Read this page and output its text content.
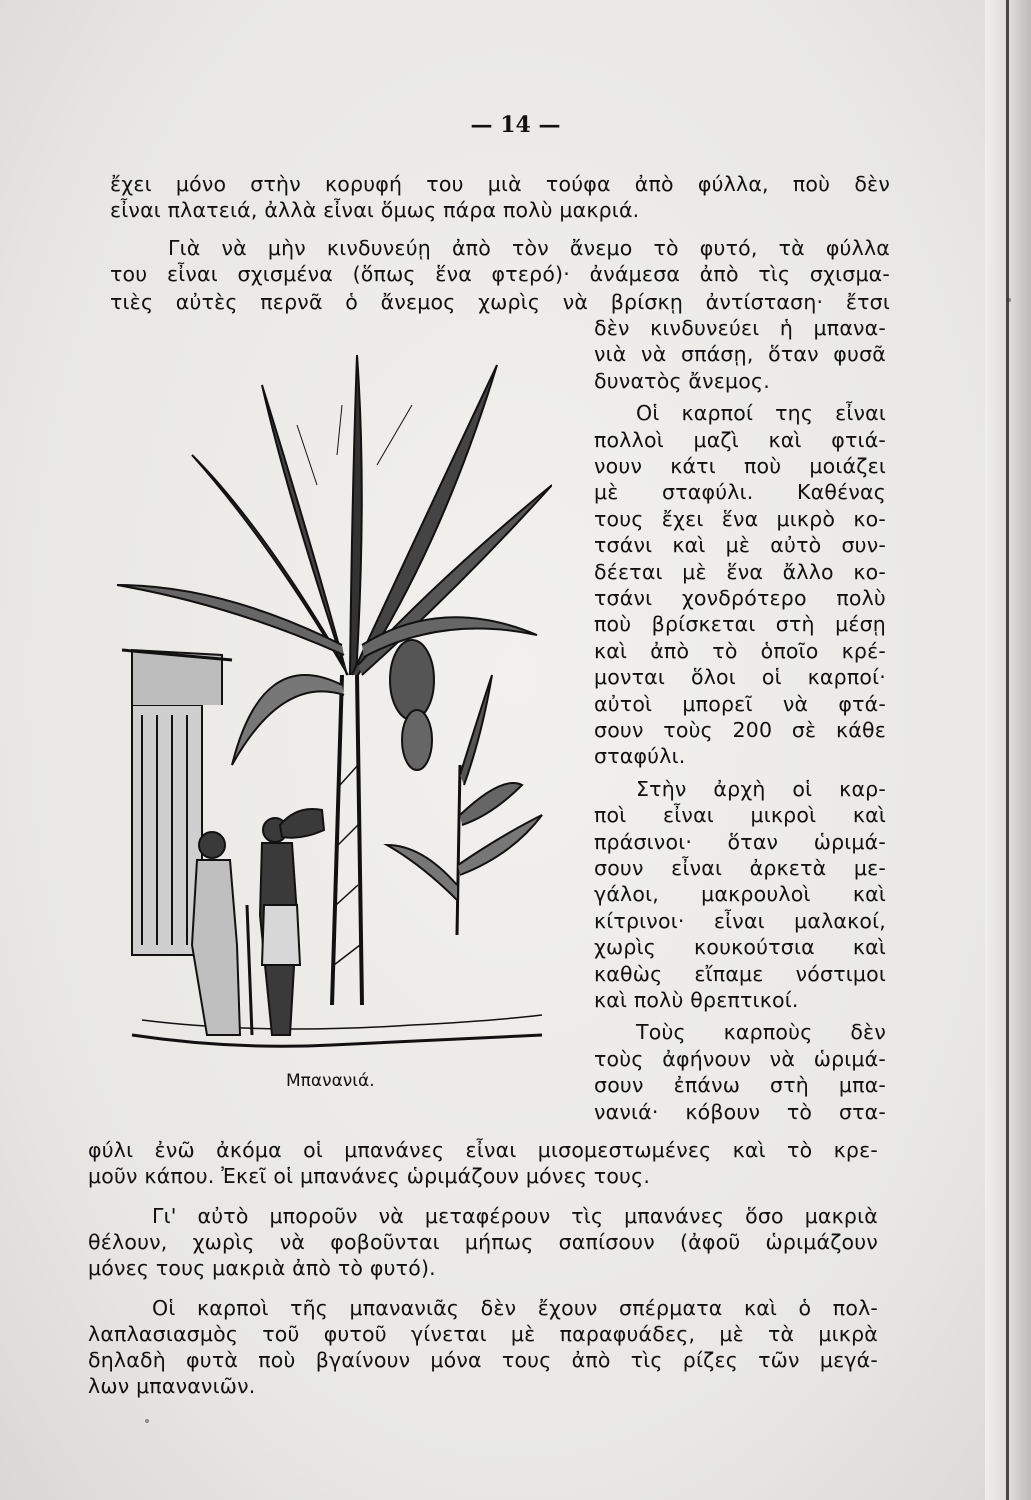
— 14 —
ἔχει μόνο στὴν κορυφή του μιὰ τούφα ἀπὸ φύλλα, ποὺ δὲν
εἶναι πλατειά, ἀλλὰ εἶναι ὅμως πάρα πολὺ μακριά.
Γιὰ νὰ μὴν κινδυνεύῃ ἀπὸ τὸν ἄνεμο τὸ φυτό, τὰ φύλλα
του εἶναι σχισμένα (ὅπως ἕνα φτερό)· ἀνάμεσα ἀπὸ τὶς σχισμα-
τιὲς αὐτὲς περνᾶ ὁ ἄνεμος χωρὶς νὰ βρίσκῃ ἀντίσταση· ἔτσι
δὲν κινδυνεύει ἡ μπανα-
νιὰ νὰ σπάσῃ, ὅταν φυσᾶ
δυνατὸς ἄνεμος.
Οἱ καρποί της εἶναι
πολλοὶ μαζὶ καὶ φτιά-
νουν κάτι ποὺ μοιάζει
μὲ σταφύλι. Καθένας
τους ἔχει ἕνα μικρὸ κο-
τσάνι καὶ μὲ αὐτὸ συν-
δέεται μὲ ἕνα ἄλλο κο-
τσάνι χονδρότερο πολὺ
ποὺ βρίσκεται στὴ μέσῃ
καὶ ἀπὸ τὸ ὁποῖο κρέ-
μονται ὅλοι οἱ καρποί·
αὐτοὶ μπορεῖ νὰ φτά-
σουν τοὺς 200 σὲ κάθε
σταφύλι.
Στὴν ἀρχὴ οἱ καρ-
ποὶ εἶναι μικροὶ καὶ
πράσινοι· ὅταν ὡριμά-
σουν εἶναι ἀρκετὰ με-
γάλοι, μακρουλοὶ καὶ
κίτρινοι· εἶναι μαλακοί,
χωρὶς κουκούτσια καὶ
καθὼς εἴπαμε νόστιμοι
καὶ πολὺ θρεπτικοί.
Τοὺς καρποὺς δὲν
τοὺς ἀφήνουν νὰ ὡριμά-
σουν ἐπάνω στὴ μπα-
νανιά· κόβουν τὸ στα-
Μπανανιά.
φύλι ἐνῶ ἀκόμα οἱ μπανάνες εἶναι μισομεστωμένες καὶ τὸ κρε-
μοῦν κάπου. Ἐκεῖ οἱ μπανάνες ὡριμάζουν μόνες τους.
Γι' αὐτὸ μποροῦν νὰ μεταφέρουν τὶς μπανάνες ὅσο μακριὰ
θέλουν, χωρὶς νὰ φοβοῦνται μήπως σαπίσουν (ἀφοῦ ὡριμάζουν
μόνες τους μακριὰ ἀπὸ τὸ φυτό).
Οἱ καρποὶ τῆς μπανανιᾶς δὲν ἔχουν σπέρματα καὶ ὁ πολ-
λαπλασιασμὸς τοῦ φυτοῦ γίνεται μὲ παραφυάδες, μὲ τὰ μικρὰ
δηλαδὴ φυτὰ ποὺ βγαίνουν μόνα τους ἀπὸ τὶς ρίζες τῶν μεγά-
λων μπανανιῶν.
